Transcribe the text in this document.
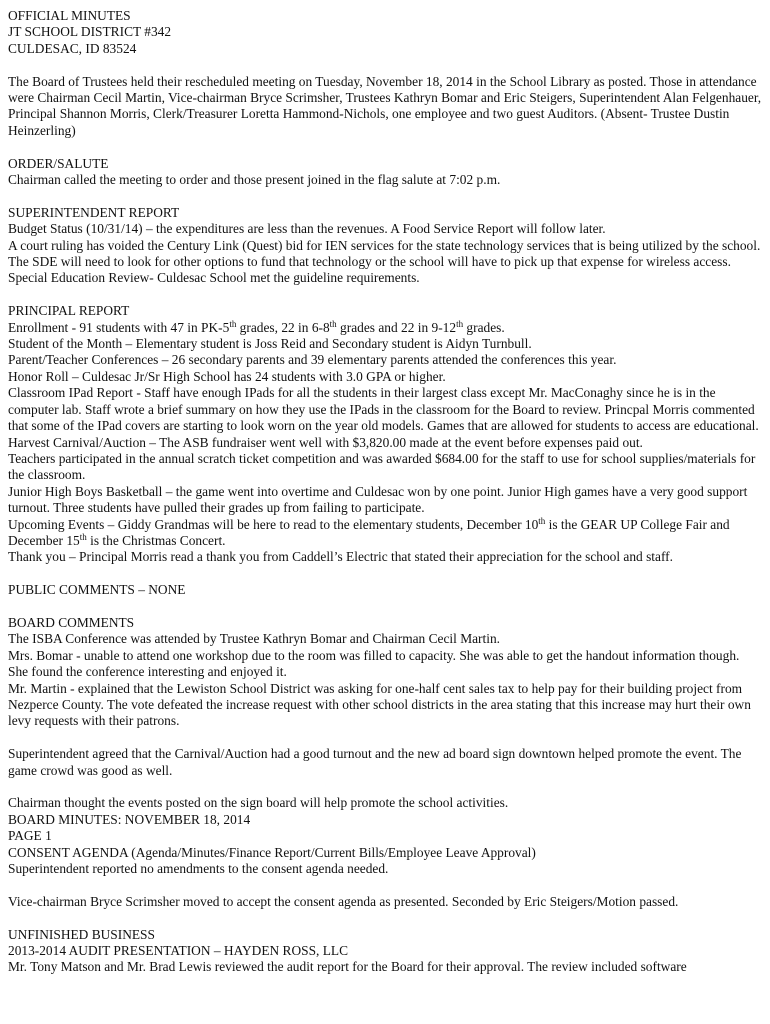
OFFICIAL MINUTES
JT SCHOOL DISTRICT #342
CULDESAC, ID 83524

The Board of Trustees held their rescheduled meeting on Tuesday, November 18, 2014 in the School Library as posted. Those in attendance were Chairman Cecil Martin, Vice-chairman Bryce Scrimsher, Trustees Kathryn Bomar and Eric Steigers, Superintendent Alan Felgenhauer, Principal Shannon Morris, Clerk/Treasurer Loretta Hammond-Nichols, one employee and two guest Auditors. (Absent- Trustee Dustin Heinzerling)

ORDER/SALUTE

Chairman called the meeting to order and those present joined in the flag salute at 7:02 p.m.

SUPERINTENDENT REPORT

Budget Status (10/31/14) – the expenditures are less than the revenues. A Food Service Report will follow later.

A court ruling has voided the Century Link (Quest) bid for IEN services for the state technology services that is being utilized by the school. The SDE will need to look for other options to fund that technology or the school will have to pick up that expense for wireless access.

Special Education Review- Culdesac School met the guideline requirements.

PRINCIPAL REPORT

Enrollment - 91 students with 47 in PK-5th grades, 22 in 6-8th grades and 22 in 9-12th grades.

Student of the Month – Elementary student is Joss Reid and Secondary student is Aidyn Turnbull.

Parent/Teacher Conferences – 26 secondary parents and 39 elementary parents attended the conferences this year.

Honor Roll – Culdesac Jr/Sr High School has 24 students with 3.0 GPA or higher.

Classroom IPad Report - Staff have enough IPads for all the students in their largest class except Mr. MacConaghy since he is in the computer lab. Staff wrote a brief summary on how they use the IPads in the classroom for the Board to review. Princpal Morris commented that some of the IPad covers are starting to look worn on the year old models. Games that are allowed for students to access are educational.

Harvest Carnival/Auction – The ASB fundraiser went well with $3,820.00 made at the event before expenses paid out.

Teachers participated in the annual scratch ticket competition and was awarded $684.00 for the staff to use for school supplies/materials for the classroom.

Junior High Boys Basketball – the game went into overtime and Culdesac won by one point. Junior High games have a very good support turnout. Three students have pulled their grades up from failing to participate.

Upcoming Events – Giddy Grandmas will be here to read to the elementary students, December 10th is the GEAR UP College Fair and December 15th is the Christmas Concert.

Thank you – Principal Morris read a thank you from Caddell’s Electric that stated their appreciation for the school and staff.

PUBLIC COMMENTS – NONE
BOARD COMMENTS

The ISBA Conference was attended by Trustee Kathryn Bomar and Chairman Cecil Martin.

Mrs. Bomar - unable to attend one workshop due to the room was filled to capacity. She was able to get the handout information though. She found the conference interesting and enjoyed it.

Mr. Martin - explained that the Lewiston School District was asking for one-half cent sales tax to help pay for their building project from Nezperce County. The vote defeated the increase request with other school districts in the area stating that this increase may hurt their own levy requests with their patrons.

Superintendent agreed that the Carnival/Auction had a good turnout and the new ad board sign downtown helped promote the event. The game crowd was good as well.

Chairman thought the events posted on the sign board will help promote the school activities.

BOARD MINUTES: NOVEMBER 18, 2014
PAGE 1
CONSENT AGENDA (Agenda/Minutes/Finance Report/Current Bills/Employee Leave Approval)

Superintendent reported no amendments to the consent agenda needed.

Vice-chairman Bryce Scrimsher moved to accept the consent agenda as presented. Seconded by Eric Steigers/Motion passed.

UNFINISHED BUSINESS
2013-2014 AUDIT PRESENTATION – HAYDEN ROSS, LLC

Mr. Tony Matson and Mr. Brad Lewis reviewed the audit report for the Board for their approval. The review included software
